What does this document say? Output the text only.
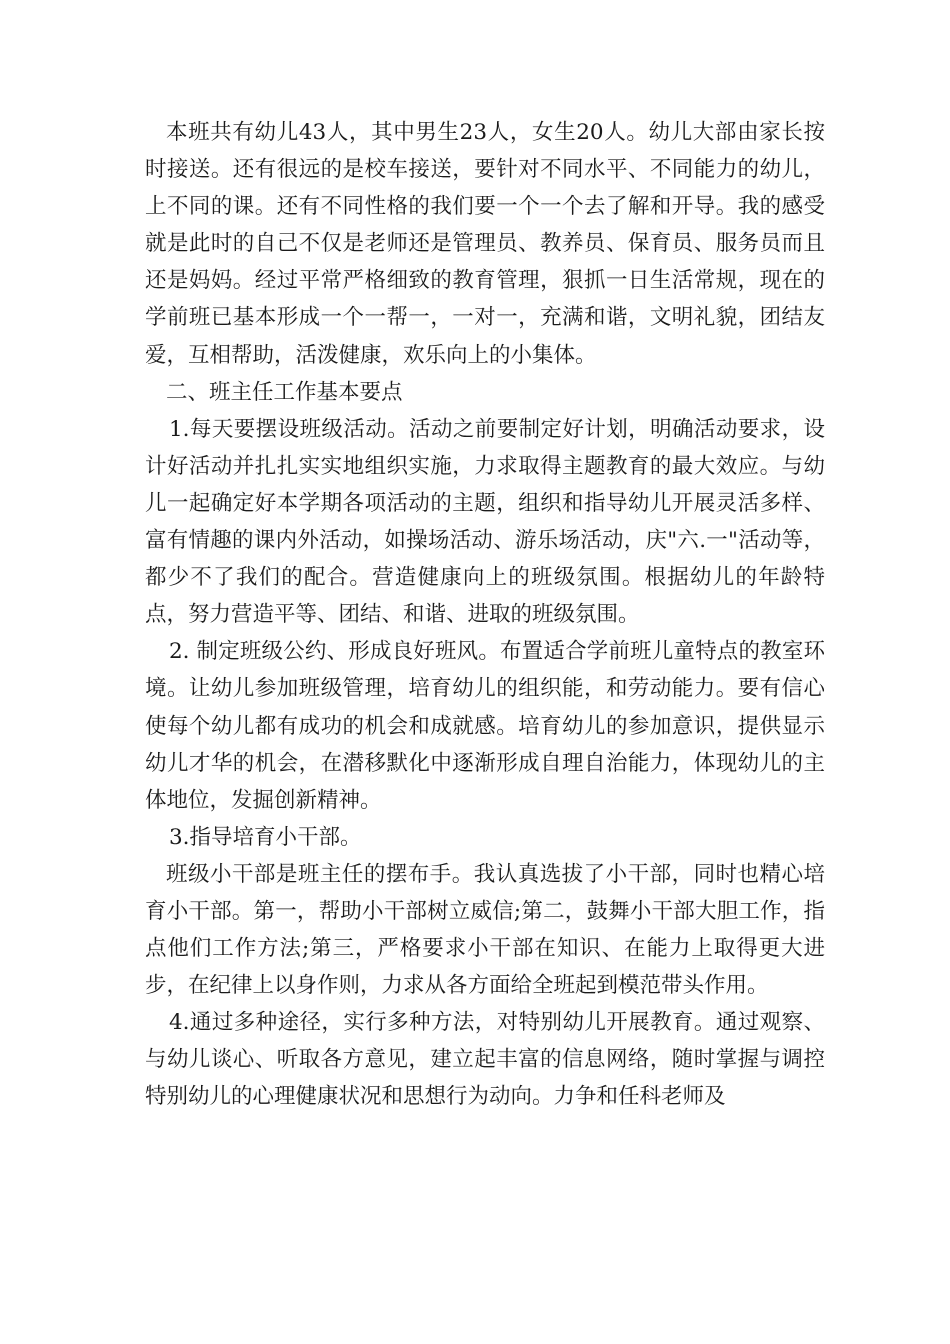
本班共有幼儿43人，其中男生23人，女生20人。幼儿大部由家长按时接送。还有很远的是校车接送，要针对不同水平、不同能力的幼儿，上不同的课。还有不同性格的我们要一个一个去了解和开导。我的感受就是此时的自己不仅是老师还是管理员、教养员、保育员、服务员而且还是妈妈。经过平常严格细致的教育管理，狠抓一日生活常规，现在的学前班已基本形成一个一帮一，一对一，充满和谐，文明礼貌，团结友爱，互相帮助，活泼健康，欢乐向上的小集体。

二、班主任工作基本要点

1.每天要摆设班级活动。活动之前要制定好计划，明确活动要求，设计好活动并扎扎实实地组织实施，力求取得主题教育的最大效应。与幼儿一起确定好本学期各项活动的主题，组织和指导幼儿开展灵活多样、富有情趣的课内外活动，如操场活动、游乐场活动，庆"六.一"活动等，都少不了我们的配合。营造健康向上的班级氛围。根据幼儿的年龄特点，努力营造平等、团结、和谐、进取的班级氛围。

2. 制定班级公约、形成良好班风。布置适合学前班儿童特点的教室环境。让幼儿参加班级管理，培育幼儿的组织能，和劳动能力。要有信心使每个幼儿都有成功的机会和成就感。培育幼儿的参加意识，提供显示幼儿才华的机会，在潜移默化中逐渐形成自理自治能力，体现幼儿的主体地位，发掘创新精神。

3.指导培育小干部。

班级小干部是班主任的摆布手。我认真选拔了小干部，同时也精心培育小干部。第一，帮助小干部树立威信;第二，鼓舞小干部大胆工作，指点他们工作方法;第三，严格要求小干部在知识、在能力上取得更大进步，在纪律上以身作则，力求从各方面给全班起到模范带头作用。

4.通过多种途径，实行多种方法，对特别幼儿开展教育。通过观察、与幼儿谈心、听取各方意见，建立起丰富的信息网络，随时掌握与调控特别幼儿的心理健康状况和思想行为动向。力争和任科老师及
